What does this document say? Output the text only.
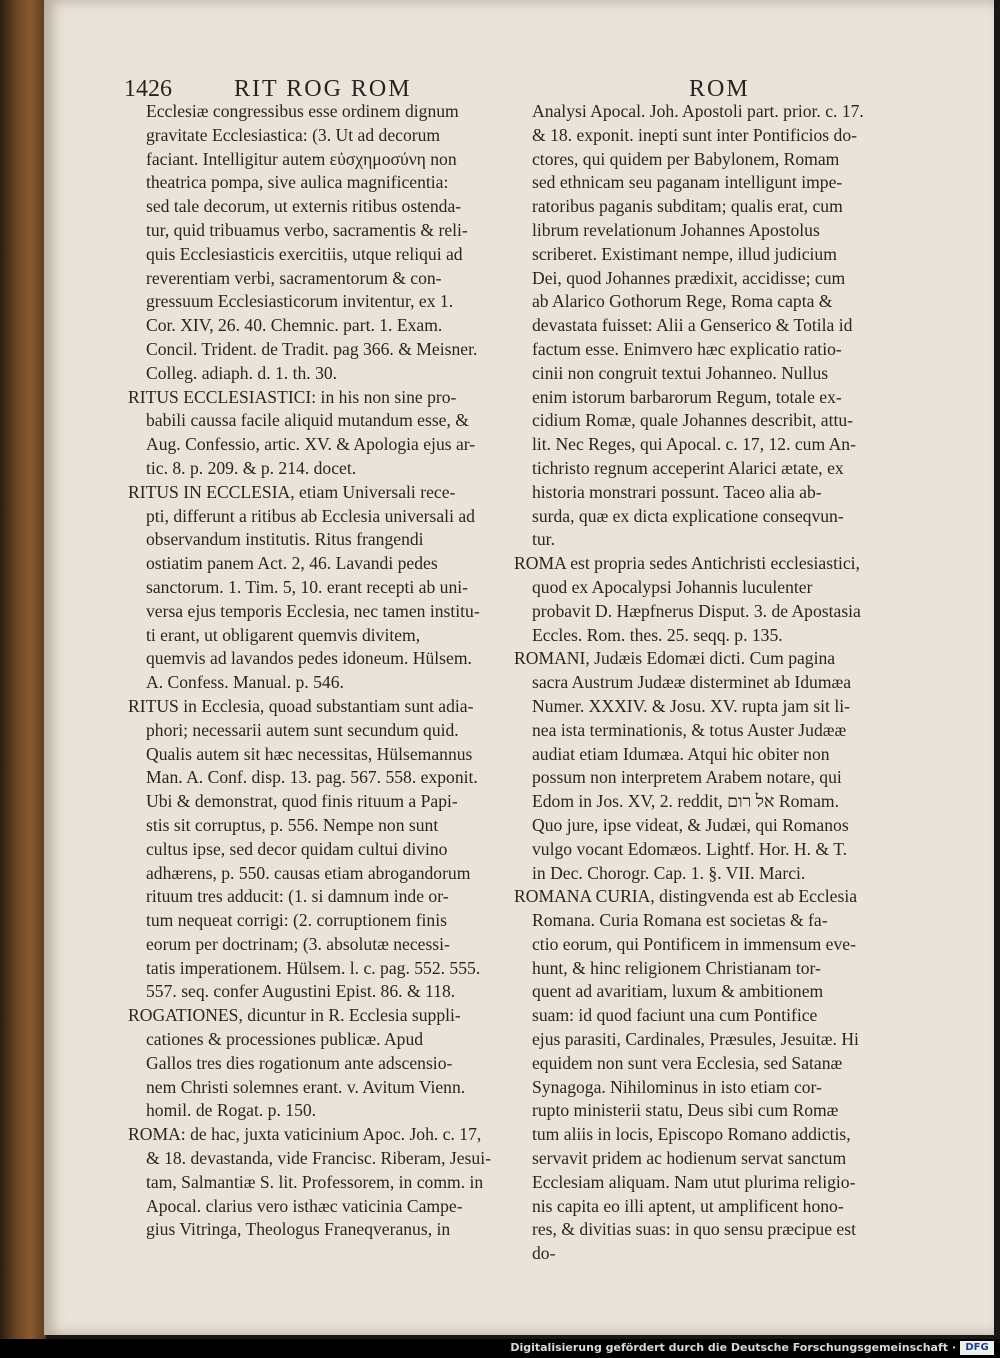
1426	RIT ROG ROM	ROM
Ecclesiæ congressibus esse ordinem dignum
gravitate Ecclesiastica: (3. Ut ad decorum
faciant. Intelligitur autem εὐσχημοσύνη non
theatrica pompa, sive aulica magnificentia:
sed tale decorum, ut externis ritibus ostenda-
tur, quid tribuamus verbo, sacramentis & reli-
quis Ecclesiasticis exercitiis, utque reliqui ad
reverentiam verbi, sacramentorum & con-
gressuum Ecclesiasticorum invitentur, ex 1.
Cor. XIV, 26. 40. Chemnic. part. 1. Exam.
Concil. Trident. de Tradit. pag 366. & Meisner.
Colleg. adiaph. d. 1. th. 30.
RITUS ECCLESIASTICI: in his non sine pro-
babili caussa facile aliquid mutandum esse, &
Aug. Confessio, artic. XV. & Apologia ejus ar-
tic. 8. p. 209. & p. 214. docet.
RITUS IN ECCLESIA, etiam Universali recе-
pti, differunt a ritibus ab Ecclesia universali ad
observandum institutis. Ritus frangendi
ostiatim panem Act. 2, 46. Lavandi pedes
sanctorum. 1. Tim. 5, 10. erant recepti ab uni-
versa ejus temporis Ecclesia, nec tamen institu-
ti erant, ut obligarent quemvis divitem,
quemvis ad lavandos pedes idoneum. Hülsem.
A. Confess. Manual. p. 546.
RITUS in Ecclesia, quoad substantiam sunt adia-
phori; necessarii autem sunt secundum quid.
Qualis autem sit hæc necessitas, Hülsemannus
Man. A. Conf. disp. 13. pag. 567. 558. exponit.
Ubi & demonstrat, quod finis rituum a Papi-
stis sit corruptus, p. 556. Nempe non sunt
cultus ipse, sed decor quidam cultui divino
adhærens, p. 550. causas etiam abrogandorum
rituum tres adducit: (1. si damnum inde or-
tum nequeat corrigi: (2. corruptionem finis
eorum per doctrinam; (3. absolutæ necessi-
tatis imperationem. Hülsem. l. c. pag. 552. 555.
557. seq. confer Augustini Epist. 86. & 118.
ROGATIONES, dicuntur in R. Ecclesia suppli-
cationes & processiones publicæ. Apud
Gallos tres dies rogationum ante adscensio-
nem Christi solemnes erant. v. Avitum Vienn.
homil. de Rogat. p. 150.
ROMA: de hac, juxta vaticinium Apoc. Joh. c. 17,
& 18. devastanda, vide Francisc. Riberam, Jesui-
tam, Salmantiæ S. lit. Professorem, in comm. in
Apocal. clarius vero isthæc vaticinia Campe-
gius Vitringa, Theologus Franeqveranus, in
Analysi Apocal. Joh. Apostoli part. prior. c. 17.
& 18. exponit. inepti sunt inter Pontificios do-
ctores, qui quidem per Babylonem, Romam
sed ethnicam seu paganam intelligunt impe-
ratoribus paganis subditam; qualis erat, cum
librum revelationum Johannes Apostolus
scriberet. Existimant nempe, illud judicium
Dei, quod Johannes prædixit, accidisse; cum
ab Alarico Gothorum Rege, Roma capta &
devastata fuisset: Alii a Genserico & Totila id
factum esse. Enimvero hæc explicatio ratio-
cinii non congruit textui Johanneo. Nullus
enim istorum barbarorum Regum, totale ex-
cidium Romæ, quale Johannes describit, attu-
lit. Nec Reges, qui Apocal. c. 17, 12. cum An-
tichristo regnum acceperint Alarici ætate, ex
historia monstrari possunt. Taceo alia ab-
surda, quæ ex dicta explicatione conseqvun-
tur.
ROMA est propria sedes Antichristi ecclesiastici,
quod ex Apocalypsi Johannis luculenter
probavit D. Hæpfnerus Disput. 3. de Apostasia
Eccles. Rom. thes. 25. seqq. p. 135.
ROMANI, Judæis Edomæi dicti. Cum pagina
sacra Austrum Judææ disterminet ab Idumæa
Numer. XXXIV. & Josu. XV. rupta jam sit li-
nea ista terminationis, & totus Auster Judææ
audiat etiam Idumæa. Atqui hic obiter non
possum non interpretem Arabem notare, qui
Edom in Jos. XV, 2. reddit, אל רום Romam.
Quo jure, ipse videat, & Judæi, qui Romanos
vulgo vocant Edomæos. Lightf. Hor. H. & T.
in Dec. Chorogr. Cap. 1. §. VII. Marci.
ROMANA CURIA, distingvenda est ab Ecclesia
Romana. Curia Romana est societas & fa-
ctio eorum, qui Pontificem in immensum eve-
hunt, & hinc religionem Christianam tor-
quent ad avaritiam, luxum & ambitionem
suam: id quod faciunt una cum Pontifice
ejus parasiti, Cardinales, Præsules, Jesuitæ. Hi
equidem non sunt vera Ecclesia, sed Satanæ
Synagoga. Nihilominus in isto etiam cor-
rupto ministerii statu, Deus sibi cum Romæ
tum aliis in locis, Episcopo Romano addictis,
servavit pridem ac hodienum servat sanctum
Ecclesiam aliquam. Nam utut plurima religio-
nis capita eo illi aptent, ut amplificent hono-
res, & divitias suas: in quo sensu præcipue est
do-
Digitalisierung gefördert durch die Deutsche Forschungsgemeinschaft · DFG
